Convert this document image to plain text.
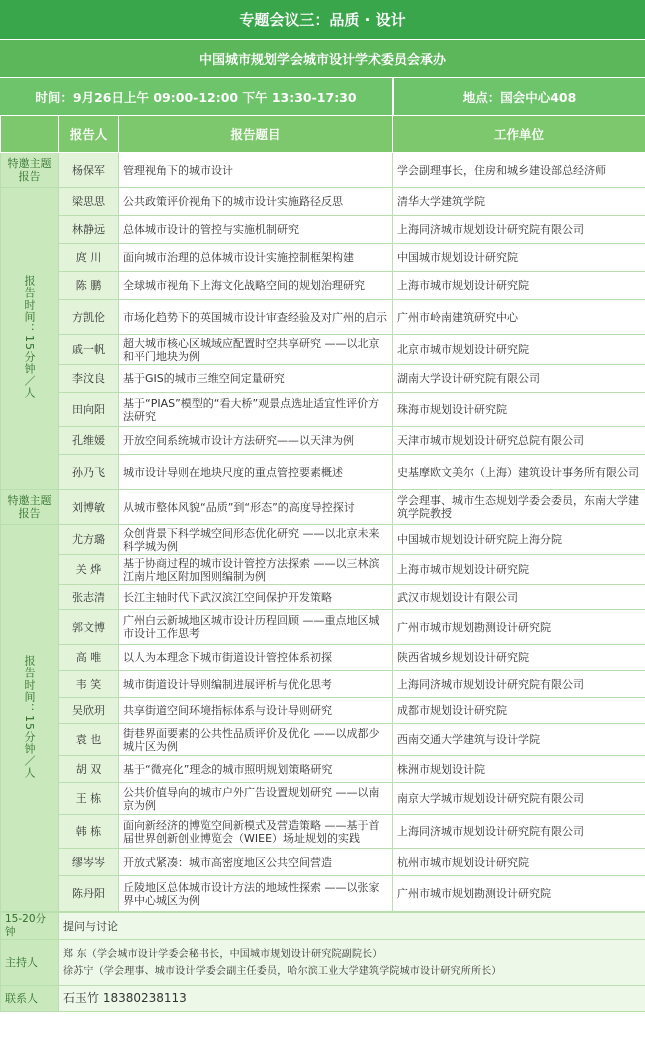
专题会议三：品质 · 设计
中国城市规划学会城市设计学术委员会承办
时间：9月26日上午 09:00-12:00 下午 13:30-17:30	地点：国会中心408
	报告人	报告题目	工作单位
特邀主题报告	杨保军	管理视角下的城市设计	学会副理事长，住房和城乡建设部总经济师
报告时间：15分钟／人	梁思思	公共政策评价视角下的城市设计实施路径反思	清华大学建筑学院
	林静远	总体城市设计的管控与实施机制研究	上海同济城市规划设计研究院有限公司
	庹 川	面向城市治理的总体城市设计实施控制框架构建	中国城市规划设计研究院
	陈 鹏	全球城市视角下上海文化战略空间的规划治理研究	上海市城市规划设计研究院
	方凯伦	市场化趋势下的英国城市设计审查经验及对广州的启示	广州市岭南建筑研究中心
	戚一帆	超大城市核心区城域应配置时空共享研究 ——以北京和平门地块为例	北京市城市规划设计研究院
	李汶良	基于GIS的城市三维空间定量研究	湖南大学设计研究院有限公司
	田向阳	基于“PIAS”模型的“看大桥”观景点选址适宜性评价方法研究	珠海市规划设计研究院
	孔维媛	开放空间系统城市设计方法研究——以天津为例	天津市城市规划设计研究总院有限公司
	孙乃飞	城市设计导则在地块尺度的重点管控要素概述	史基摩欧文美尔（上海）建筑设计事务所有限公司
特邀主题报告	刘博敏	从城市整体风貌“品质”到“形态”的高度导控探讨	学会理事、城市生态规划学委会委员，东南大学建筑学院教授
报告时间：15分钟／人	尤方璐	众创背景下科学城空间形态优化研究 ——以北京未来科学城为例	中国城市规划设计研究院上海分院
	关 烨	基于协商过程的城市设计管控方法探索 ——以三林滨江南片地区附加图则编制为例	上海市城市规划设计研究院
	张志清	长江主轴时代下武汉滨江空间保护开发策略	武汉市规划设计有限公司
	郭文博	广州白云新城地区城市设计历程回顾 ——重点地区城市设计工作思考	广州市城市规划勘测设计研究院
	高 唯	以人为本理念下城市街道设计管控体系初探	陕西省城乡规划设计研究院
	韦 笑	城市街道设计导则编制进展评析与优化思考	上海同济城市规划设计研究院有限公司
	吴欣玥	共享街道空间环境指标体系与设计导则研究	成都市规划设计研究院
	袁 也	街巷界面要素的公共性品质评价及优化 ——以成都少城片区为例	西南交通大学建筑与设计学院
	胡 双	基于“微亮化”理念的城市照明规划策略研究	株洲市规划设计院
	王 栋	公共价值导向的城市户外广告设置规划研究 ——以南京为例	南京大学城市规划设计研究院有限公司
	韩 栋	面向新经济的博览空间新模式及营造策略 ——基于首届世界创新创业博览会（WIEE）场址规划的实践	上海同济城市规划设计研究院有限公司
	缪岑岑	开放式紧凑：城市高密度地区公共空间营造	杭州市城市规划设计研究院
	陈丹阳	丘陵地区总体城市设计方法的地域性探索 ——以张家界中心城区为例	广州市城市规划勘测设计研究院
15-20分钟	提问与讨论
主持人	郑 东（学会城市设计学委会秘书长，中国城市规划设计研究院副院长）
徐苏宁（学会理事、城市设计学委会副主任委员，哈尔滨工业大学建筑学院城市设计研究所所长）

联系人	石玉竹 18380238113
